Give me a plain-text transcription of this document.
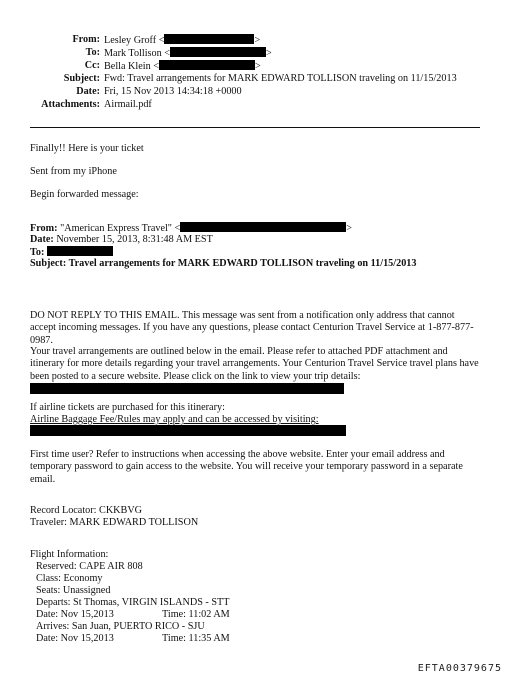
From: Lesley Groff <	>
To: Mark Tollison <	>
Cc: Bella Klein <	>
Subject: Fwd: Travel arrangements for MARK EDWARD TOLLISON traveling on 11/15/2013
Date: Fri, 15 Nov 2013 14:34:18 +0000
Attachments: Airmail.pdf
Finally!! Here is your ticket
Sent from my iPhone
Begin forwarded message:
From: "American Express Travel" <	>
Date: November 15, 2013, 8:31:48 AM EST
To:
Subject: Travel arrangements for MARK EDWARD TOLLISON traveling on 11/15/2013
DO NOT REPLY TO THIS EMAIL. This message was sent from a notification only address that cannot accept incoming messages. If you have any questions, please contact Centurion Travel Service at 1-877-877-0987.
Your travel arrangements are outlined below in the email. Please refer to attached PDF attachment and itinerary for more details regarding your travel arrangements. Your Centurion Travel Service travel plans have been posted to a secure website. Please click on the link to view your trip details:
If airline tickets are purchased for this itinerary:
Airline Baggage Fee/Rules may apply and can be accessed by visiting:
First time user? Refer to instructions when accessing the above website. Enter your email address and temporary password to gain access to the website. You will receive your temporary password in a separate email.
Record Locator: CKKBVG
Traveler: MARK EDWARD TOLLISON
Flight Information:
Reserved: CAPE AIR 808
Class: Economy
Seats: Unassigned
Departs: St Thomas, VIRGIN ISLANDS - STT
Date: Nov 15,2013	Time: 11:02 AM
Arrives: San Juan, PUERTO RICO - SJU
Date: Nov 15,2013	Time: 11:35 AM
EFTA00379675
